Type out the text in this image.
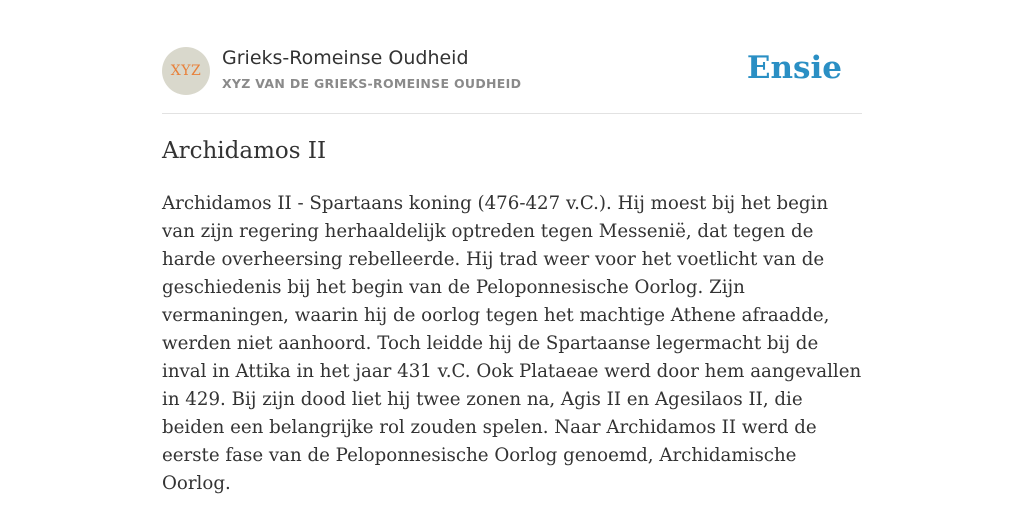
XYZ
Grieks-Romeinse Oudheid
XYZ VAN DE GRIEKS-ROMEINSE OUDHEID	Ensie
Archidamos II

Archidamos II - Spartaans koning (476-427 v.C.). Hij moest bij het begin van zijn regering herhaaldelijk optreden tegen Messenië, dat tegen de harde overheersing rebelleerde. Hij trad weer voor het voetlicht van de geschiedenis bij het begin van de Peloponnesische Oorlog. Zijn vermaningen, waarin hij de oorlog tegen het machtige Athene afraadde, werden niet aanhoord. Toch leidde hij de Spartaanse legermacht bij de inval in Attika in het jaar 431 v.C. Ook Plataeae werd door hem aangevallen in 429. Bij zijn dood liet hij twee zonen na, Agis II en Agesilaos II, die beiden een belangrijke rol zouden spelen. Naar Archidamos II werd de eerste fase van de Peloponnesische Oorlog genoemd, Archidamische Oorlog.
